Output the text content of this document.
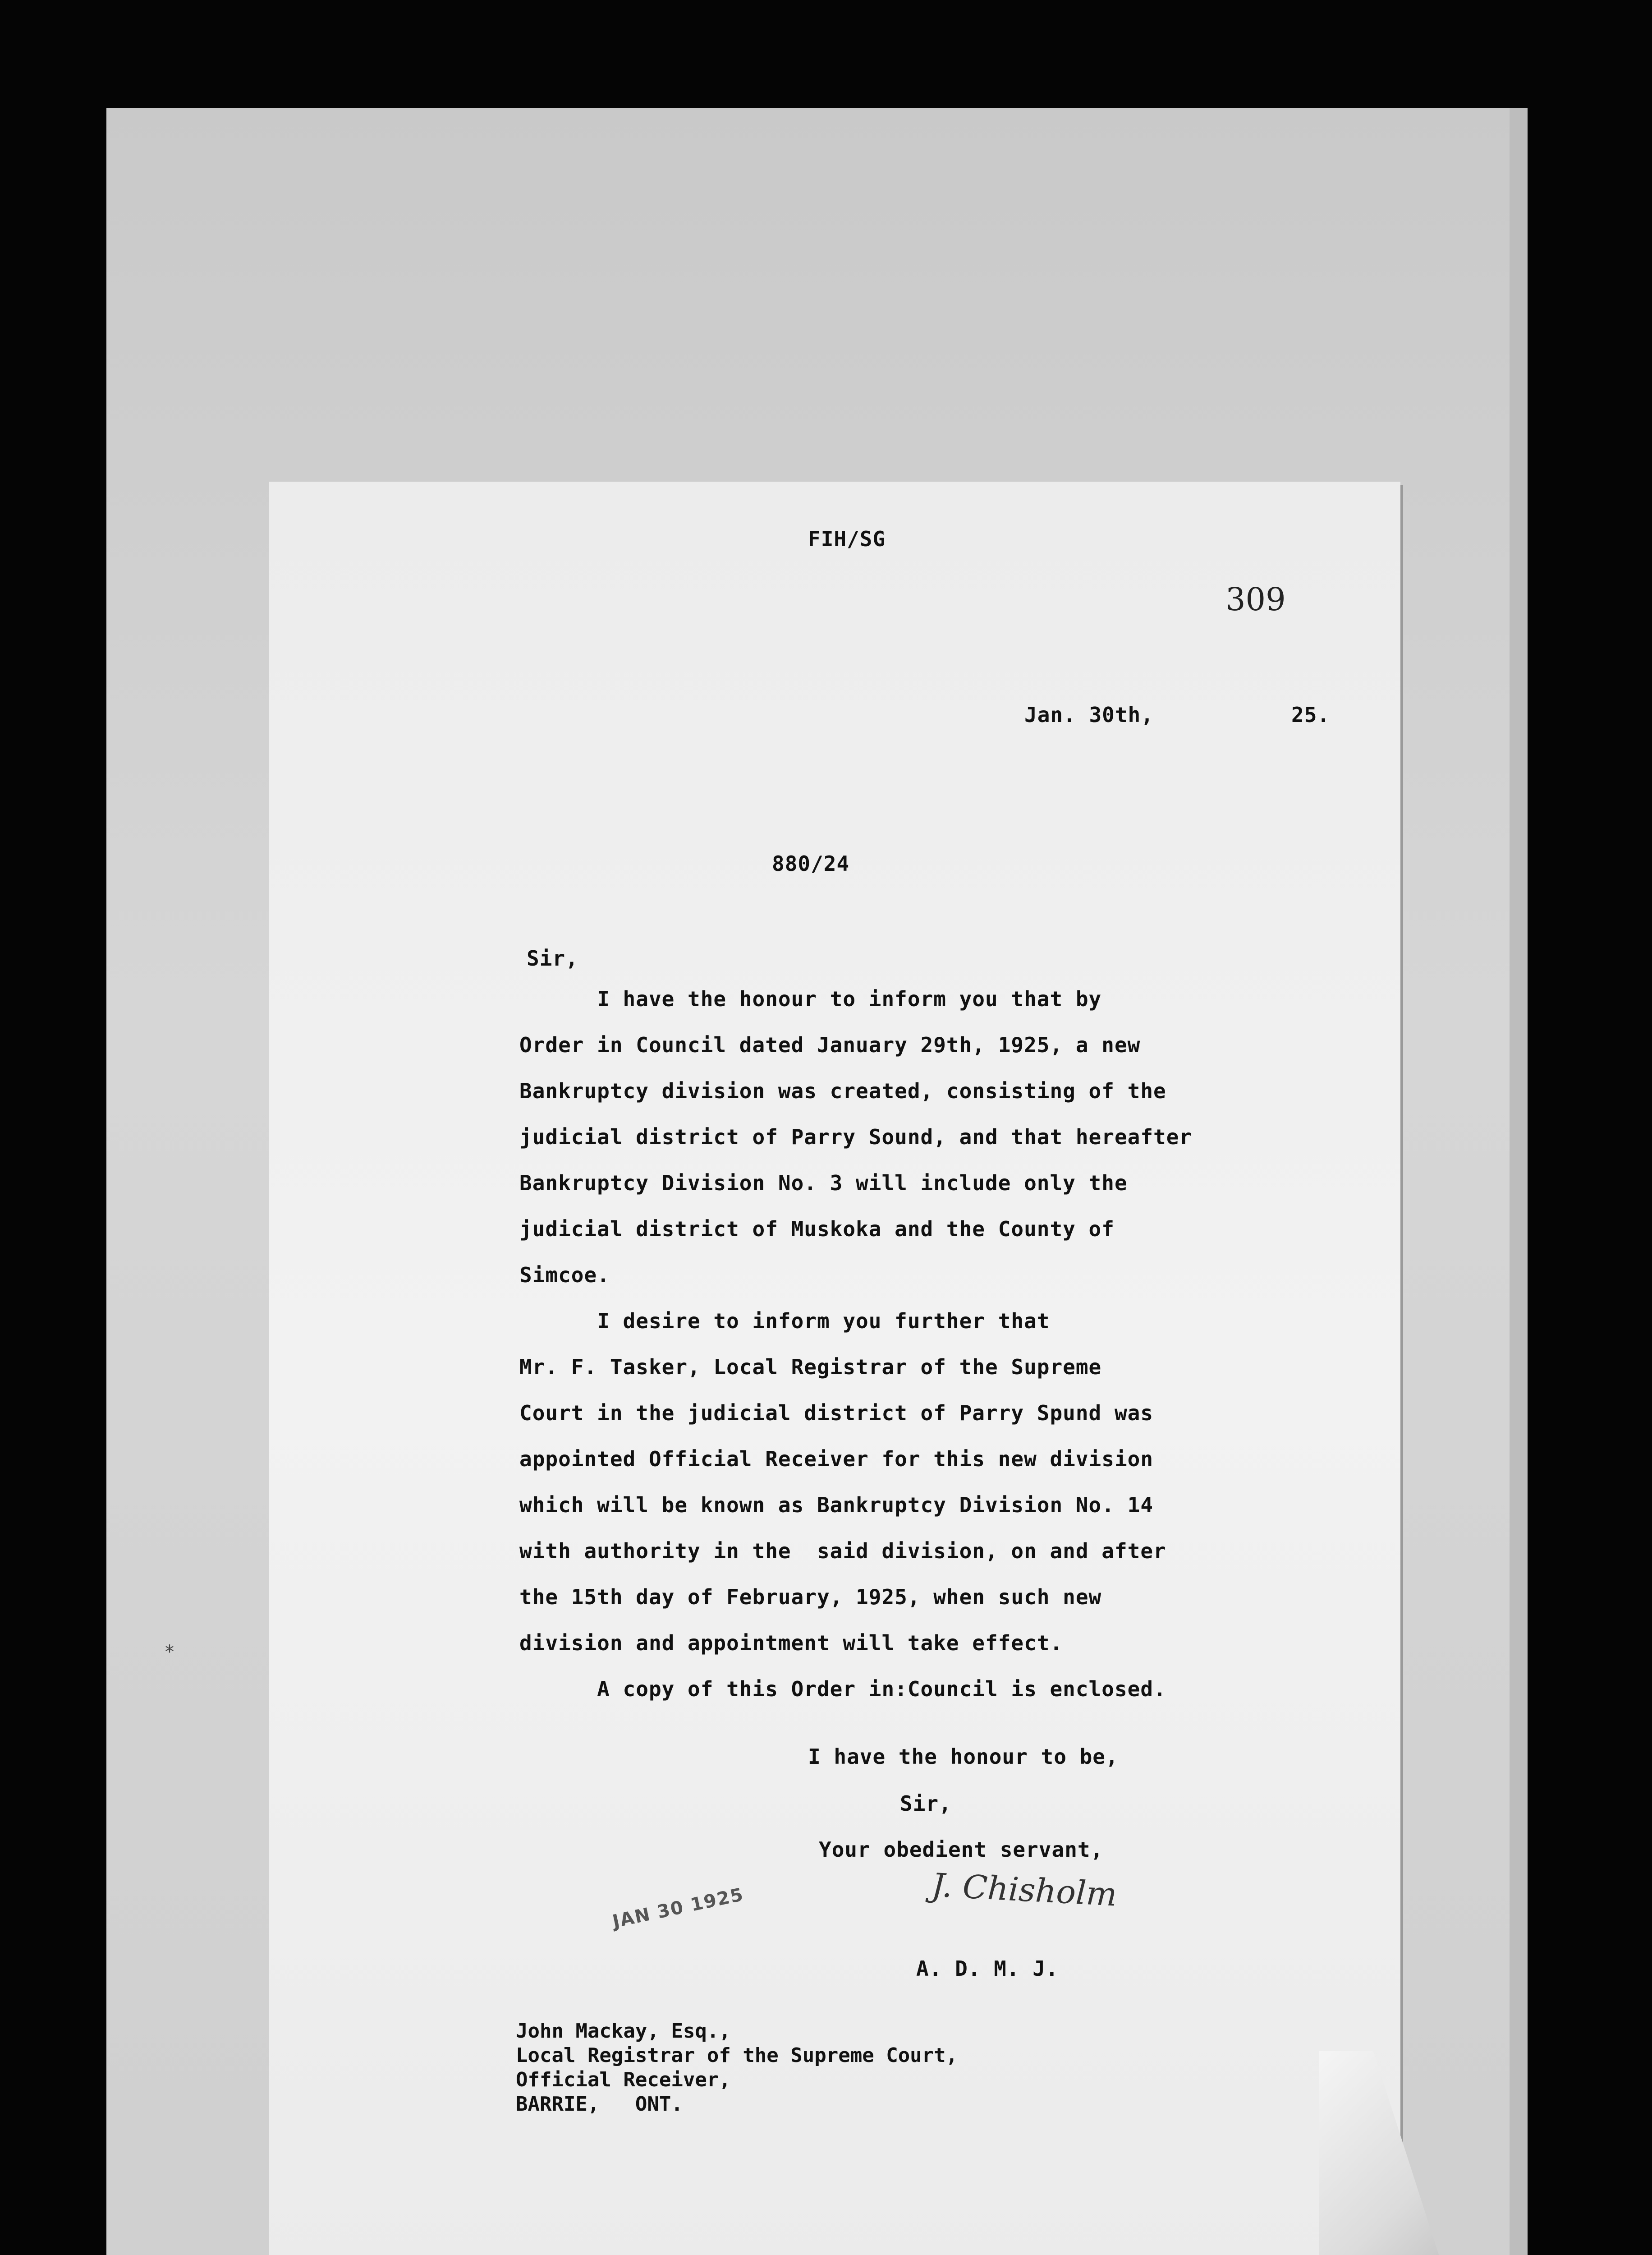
*
FIH/SG
309
Jan. 30th,	25.
880/24
Sir,
I have the honour to inform you that by
Order in Council dated January 29th, 1925, a new
Bankruptcy division was created, consisting of the
judicial district of Parry Sound, and that hereafter
Bankruptcy Division No. 3 will include only the
judicial district of Muskoka and the County of
Simcoe.
I desire to inform you further that
Mr. F. Tasker, Local Registrar of the Supreme
Court in the judicial district of Parry Spund was
appointed Official Receiver for this new division
which will be known as Bankruptcy Division No. 14
with authority in the  said division, on and after
the 15th day of February, 1925, when such new
division and appointment will take effect.
A copy of this Order in:Council is enclosed.
I have the honour to be,
Sir,
Your obedient servant,
J. Chisholm
JAN 30 1925
A. D. M. J.
John Mackay, Esq.,
Local Registrar of the Supreme Court,
Official Receiver,
BARRIE,   ONT.
